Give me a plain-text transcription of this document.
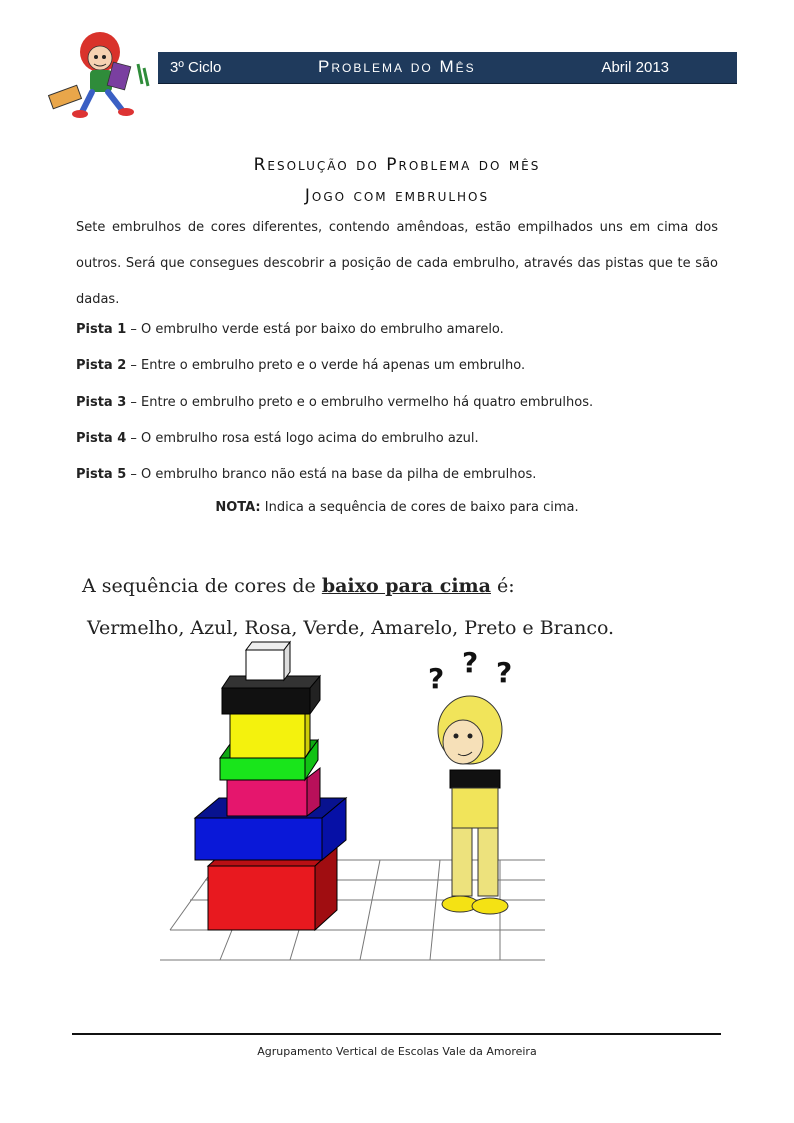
3º Ciclo	Problema do Mês	Abril 2013
Resolução do Problema do mês
Jogo com embrulhos
Sete embrulhos de cores diferentes, contendo amêndoas, estão empilhados uns em cima dos outros. Será que consegues descobrir a posição de cada embrulho, através das pistas que te são dadas.
Pista 1 – O embrulho verde está por baixo do embrulho amarelo.
Pista 2 – Entre o embrulho preto e o verde há apenas um embrulho.
Pista 3 – Entre o embrulho preto e o embrulho vermelho há quatro embrulhos.
Pista 4 – O embrulho rosa está logo acima do embrulho azul.
Pista 5 – O embrulho branco não está na base da pilha de embrulhos.
NOTA: Indica a sequência de cores de baixo para cima.
A sequência de cores de baixo para cima é:
Vermelho, Azul, Rosa, Verde, Amarelo, Preto e Branco.
? ? ?
Agrupamento Vertical de Escolas Vale da Amoreira
